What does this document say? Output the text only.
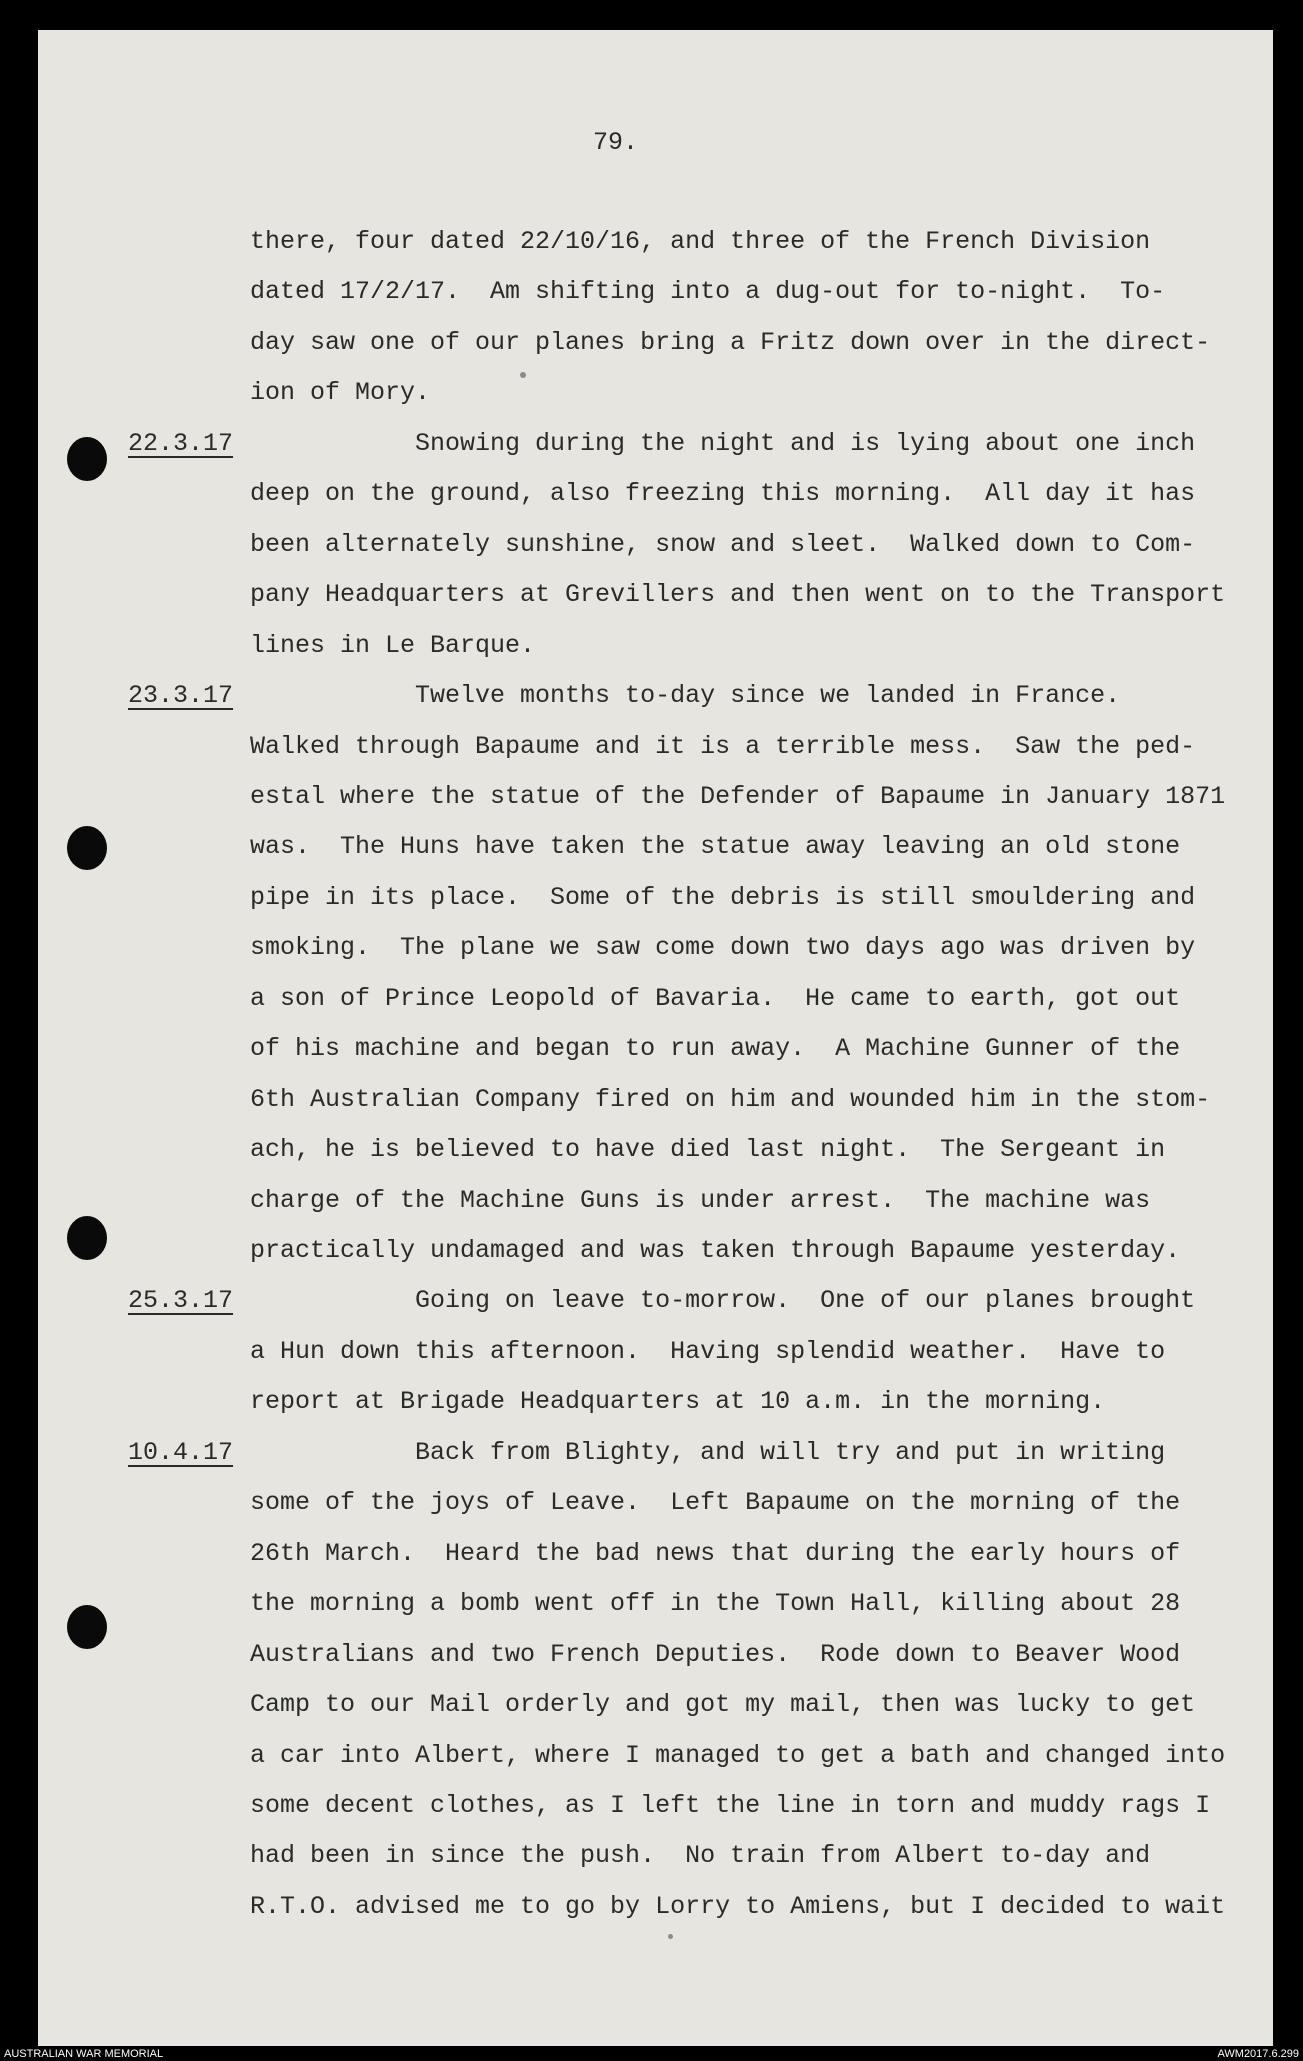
79.
there, four dated 22/10/16, and three of the French Division
dated 17/2/17.  Am shifting into a dug-out for to-night.  To-
day saw one of our planes bring a Fritz down over in the direct-
ion of Mory.
22.3.17 Snowing during the night and is lying about one inch
deep on the ground, also freezing this morning.  All day it has
been alternately sunshine, snow and sleet.  Walked down to Com-
pany Headquarters at Grevillers and then went on to the Transport
lines in Le Barque.
23.3.17 Twelve months to-day since we landed in France.
Walked through Bapaume and it is a terrible mess.  Saw the ped-
estal where the statue of the Defender of Bapaume in January 1871
was.  The Huns have taken the statue away leaving an old stone
pipe in its place.  Some of the debris is still smouldering and
smoking.  The plane we saw come down two days ago was driven by
a son of Prince Leopold of Bavaria.  He came to earth, got out
of his machine and began to run away.  A Machine Gunner of the
6th Australian Company fired on him and wounded him in the stom-
ach, he is believed to have died last night.  The Sergeant in
charge of the Machine Guns is under arrest.  The machine was
practically undamaged and was taken through Bapaume yesterday.
25.3.17 Going on leave to-morrow.  One of our planes brought
a Hun down this afternoon.  Having splendid weather.  Have to
report at Brigade Headquarters at 10 a.m. in the morning.
10.4.17 Back from Blighty, and will try and put in writing
some of the joys of Leave.  Left Bapaume on the morning of the
26th March.  Heard the bad news that during the early hours of
the morning a bomb went off in the Town Hall, killing about 28
Australians and two French Deputies.  Rode down to Beaver Wood
Camp to our Mail orderly and got my mail, then was lucky to get
a car into Albert, where I managed to get a bath and changed into
some decent clothes, as I left the line in torn and muddy rags I
had been in since the push.  No train from Albert to-day and
R.T.O. advised me to go by Lorry to Amiens, but I decided to wait
AUSTRALIAN WAR MEMORIAL	AWM2017.6.299
